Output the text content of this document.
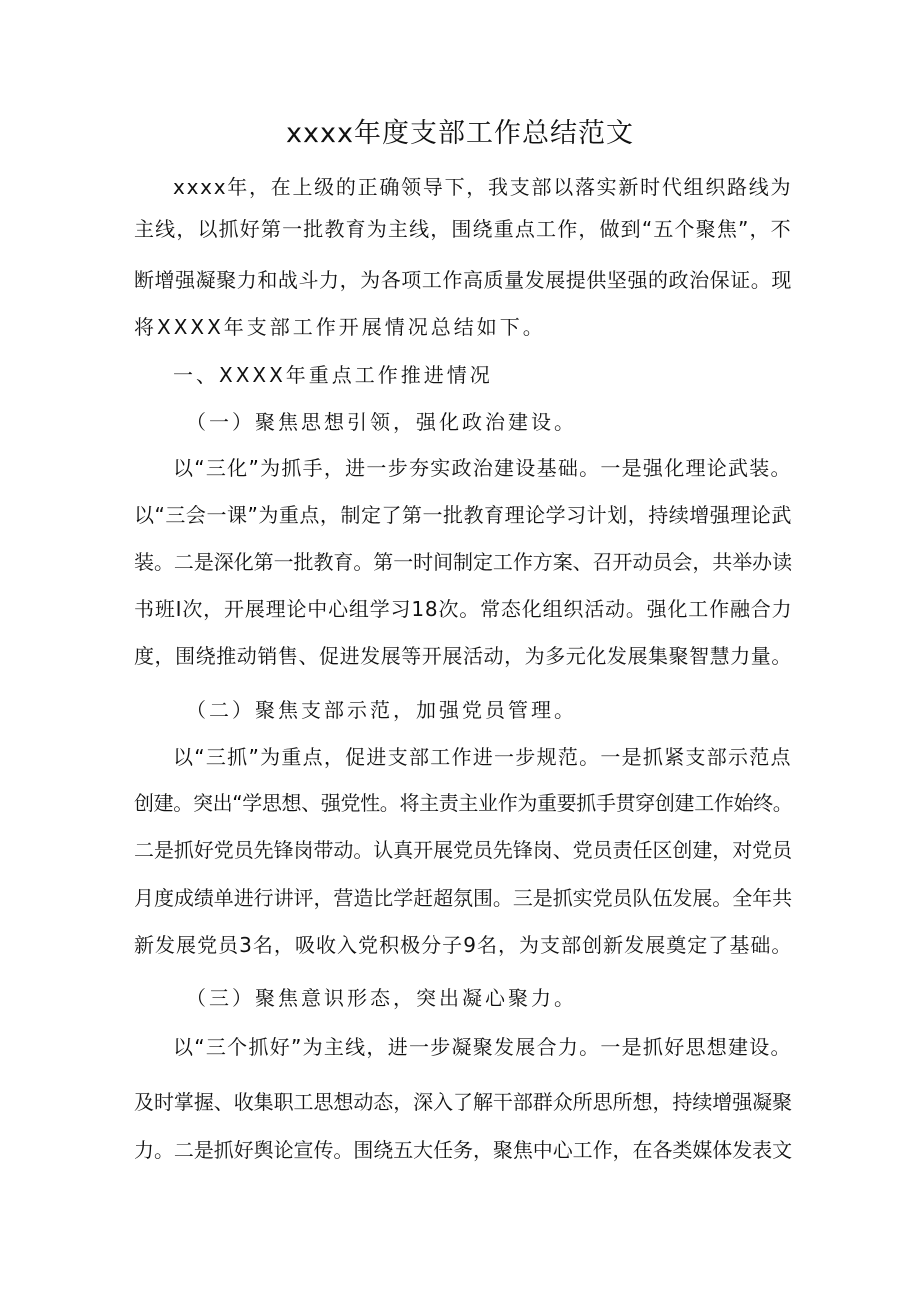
xxxx年度支部工作总结范文

xxxx年，在上级的正确领导下，我支部以落实新时代组织路线为

主线，以抓好第一批教育为主线，围绕重点工作，做到“五个聚焦”，不

断增强凝聚力和战斗力，为各项工作高质量发展提供坚强的政治保证。现

将XXXX年支部工作开展情况总结如下。

一、XXXX年重点工作推进情况

（一）聚焦思想引领，强化政治建设。

以“三化”为抓手，进一步夯实政治建设基础。一是强化理论武装。

以“三会一课”为重点，制定了第一批教育理论学习计划，持续增强理论武

装。二是深化第一批教育。第一时间制定工作方案、召开动员会，共举办读

书班I次，开展理论中心组学习18次。常态化组织活动。强化工作融合力

度，围绕推动销售、促进发展等开展活动，为多元化发展集聚智慧力量。

（二）聚焦支部示范，加强党员管理。

以“三抓”为重点，促进支部工作进一步规范。一是抓紧支部示范点

创建。突出“学思想、强党性。将主责主业作为重要抓手贯穿创建工作始终。

二是抓好党员先锋岗带动。认真开展党员先锋岗、党员责任区创建，对党员

月度成绩单进行讲评，营造比学赶超氛围。三是抓实党员队伍发展。全年共

新发展党员3名，吸收入党积极分子9名，为支部创新发展奠定了基础。

（三）聚焦意识形态，突出凝心聚力。

以“三个抓好”为主线，进一步凝聚发展合力。一是抓好思想建设。

及时掌握、收集职工思想动态，深入了解干部群众所思所想，持续增强凝聚

力。二是抓好舆论宣传。围绕五大任务，聚焦中心工作，在各类媒体发表文
